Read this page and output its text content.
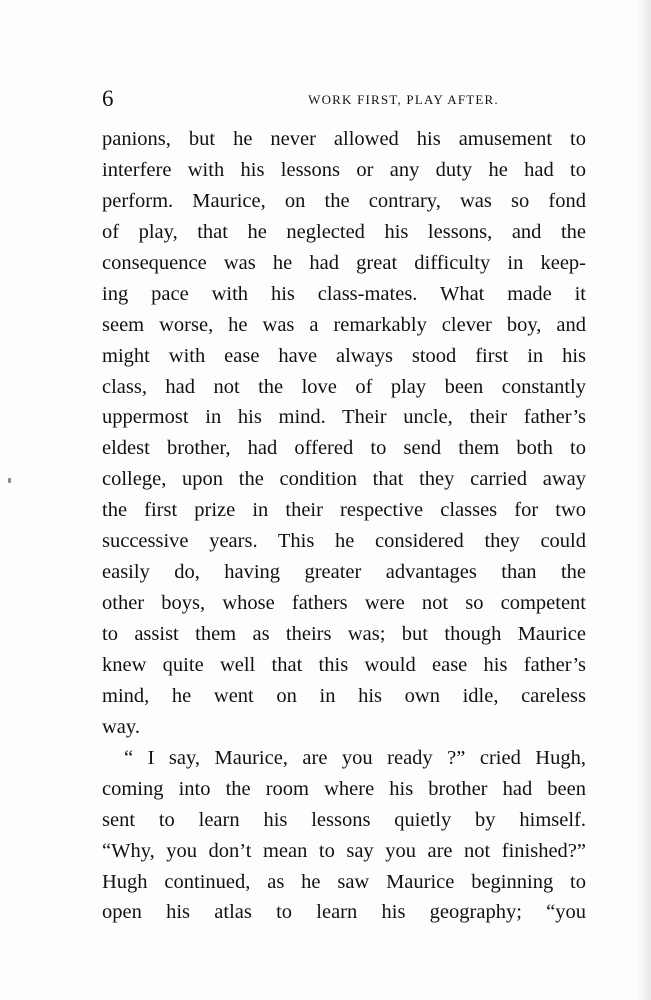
6	WORK FIRST, PLAY AFTER.
panions, but he never allowed his amusement to
interfere with his lessons or any duty he had to
perform. Maurice, on the contrary, was so fond
of play, that he neglected his lessons, and the
consequence was he had great difficulty in keep-
ing pace with his class-mates. What made it
seem worse, he was a remarkably clever boy, and
might with ease have always stood first in his
class, had not the love of play been constantly
uppermost in his mind. Their uncle, their father’s
eldest brother, had offered to send them both to
college, upon the condition that they carried away
the first prize in their respective classes for two
successive years. This he considered they could
easily do, having greater advantages than the
other boys, whose fathers were not so competent
to assist them as theirs was; but though Maurice
knew quite well that this would ease his father’s
mind, he went on in his own idle, careless
way.
“ I say, Maurice, are you ready ?” cried Hugh,
coming into the room where his brother had been
sent to learn his lessons quietly by himself.
“Why, you don’t mean to say you are not finished?”
Hugh continued, as he saw Maurice beginning to
open his atlas to learn his geography; “you
